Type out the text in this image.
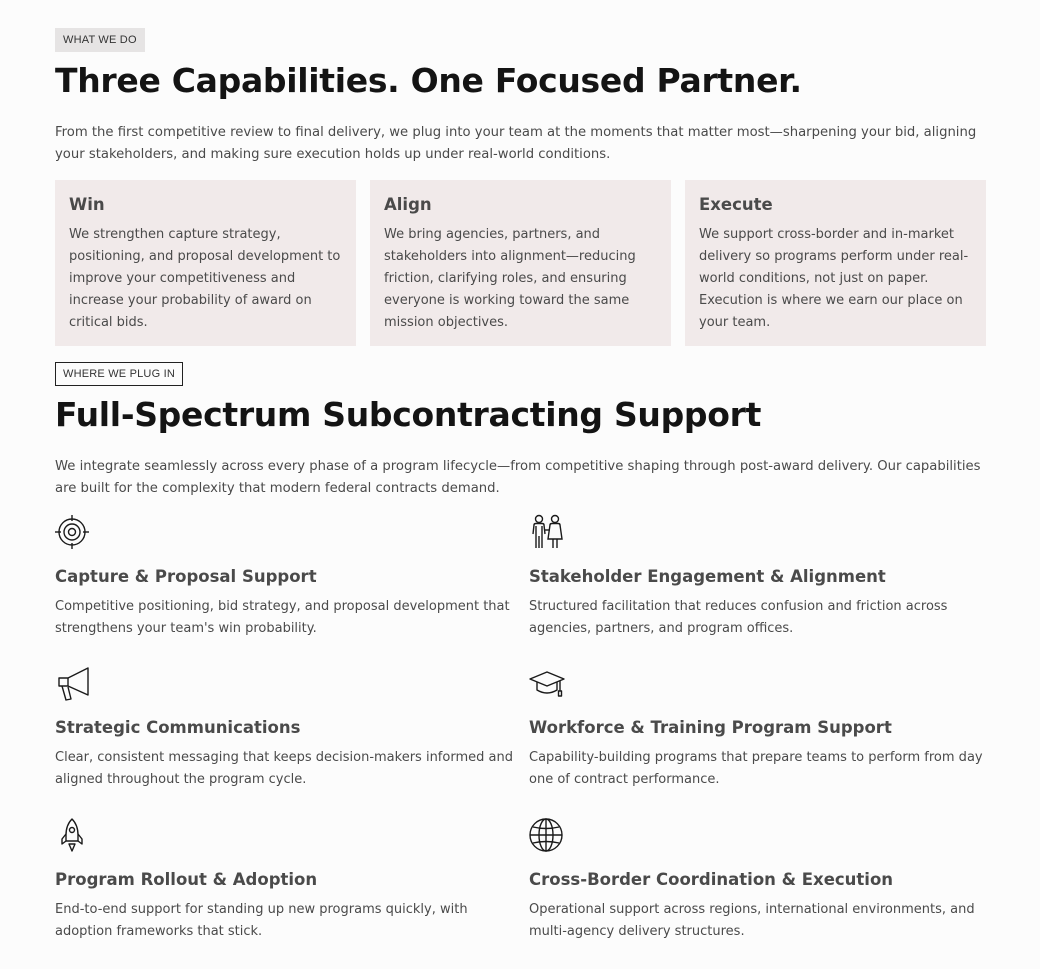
WHAT WE DO
Three Capabilities. One Focused Partner.

From the first competitive review to final delivery, we plug into your team at the moments that matter most—sharpening your bid, aligning your stakeholders, and making sure execution holds up under real-world conditions.

Win

We strengthen capture strategy, positioning, and proposal development to improve your competitiveness and increase your probability of award on critical bids.

Align

We bring agencies, partners, and stakeholders into alignment—reducing friction, clarifying roles, and ensuring everyone is working toward the same mission objectives.

Execute

We support cross-border and in-market delivery so programs perform under real-world conditions, not just on paper. Execution is where we earn our place on your team.

WHERE WE PLUG IN
Full-Spectrum Subcontracting Support

We integrate seamlessly across every phase of a program lifecycle—from competitive shaping through post-award delivery. Our capabilities are built for the complexity that modern federal contracts demand.

Capture & Proposal Support

Competitive positioning, bid strategy, and proposal development that strengthens your team's win probability.

Stakeholder Engagement & Alignment

Structured facilitation that reduces confusion and friction across agencies, partners, and program offices.

Strategic Communications

Clear, consistent messaging that keeps decision-makers informed and aligned throughout the program cycle.

Workforce & Training Program Support

Capability-building programs that prepare teams to perform from day one of contract performance.

Program Rollout & Adoption

End-to-end support for standing up new programs quickly, with adoption frameworks that stick.

Cross-Border Coordination & Execution

Operational support across regions, international environments, and multi-agency delivery structures.
